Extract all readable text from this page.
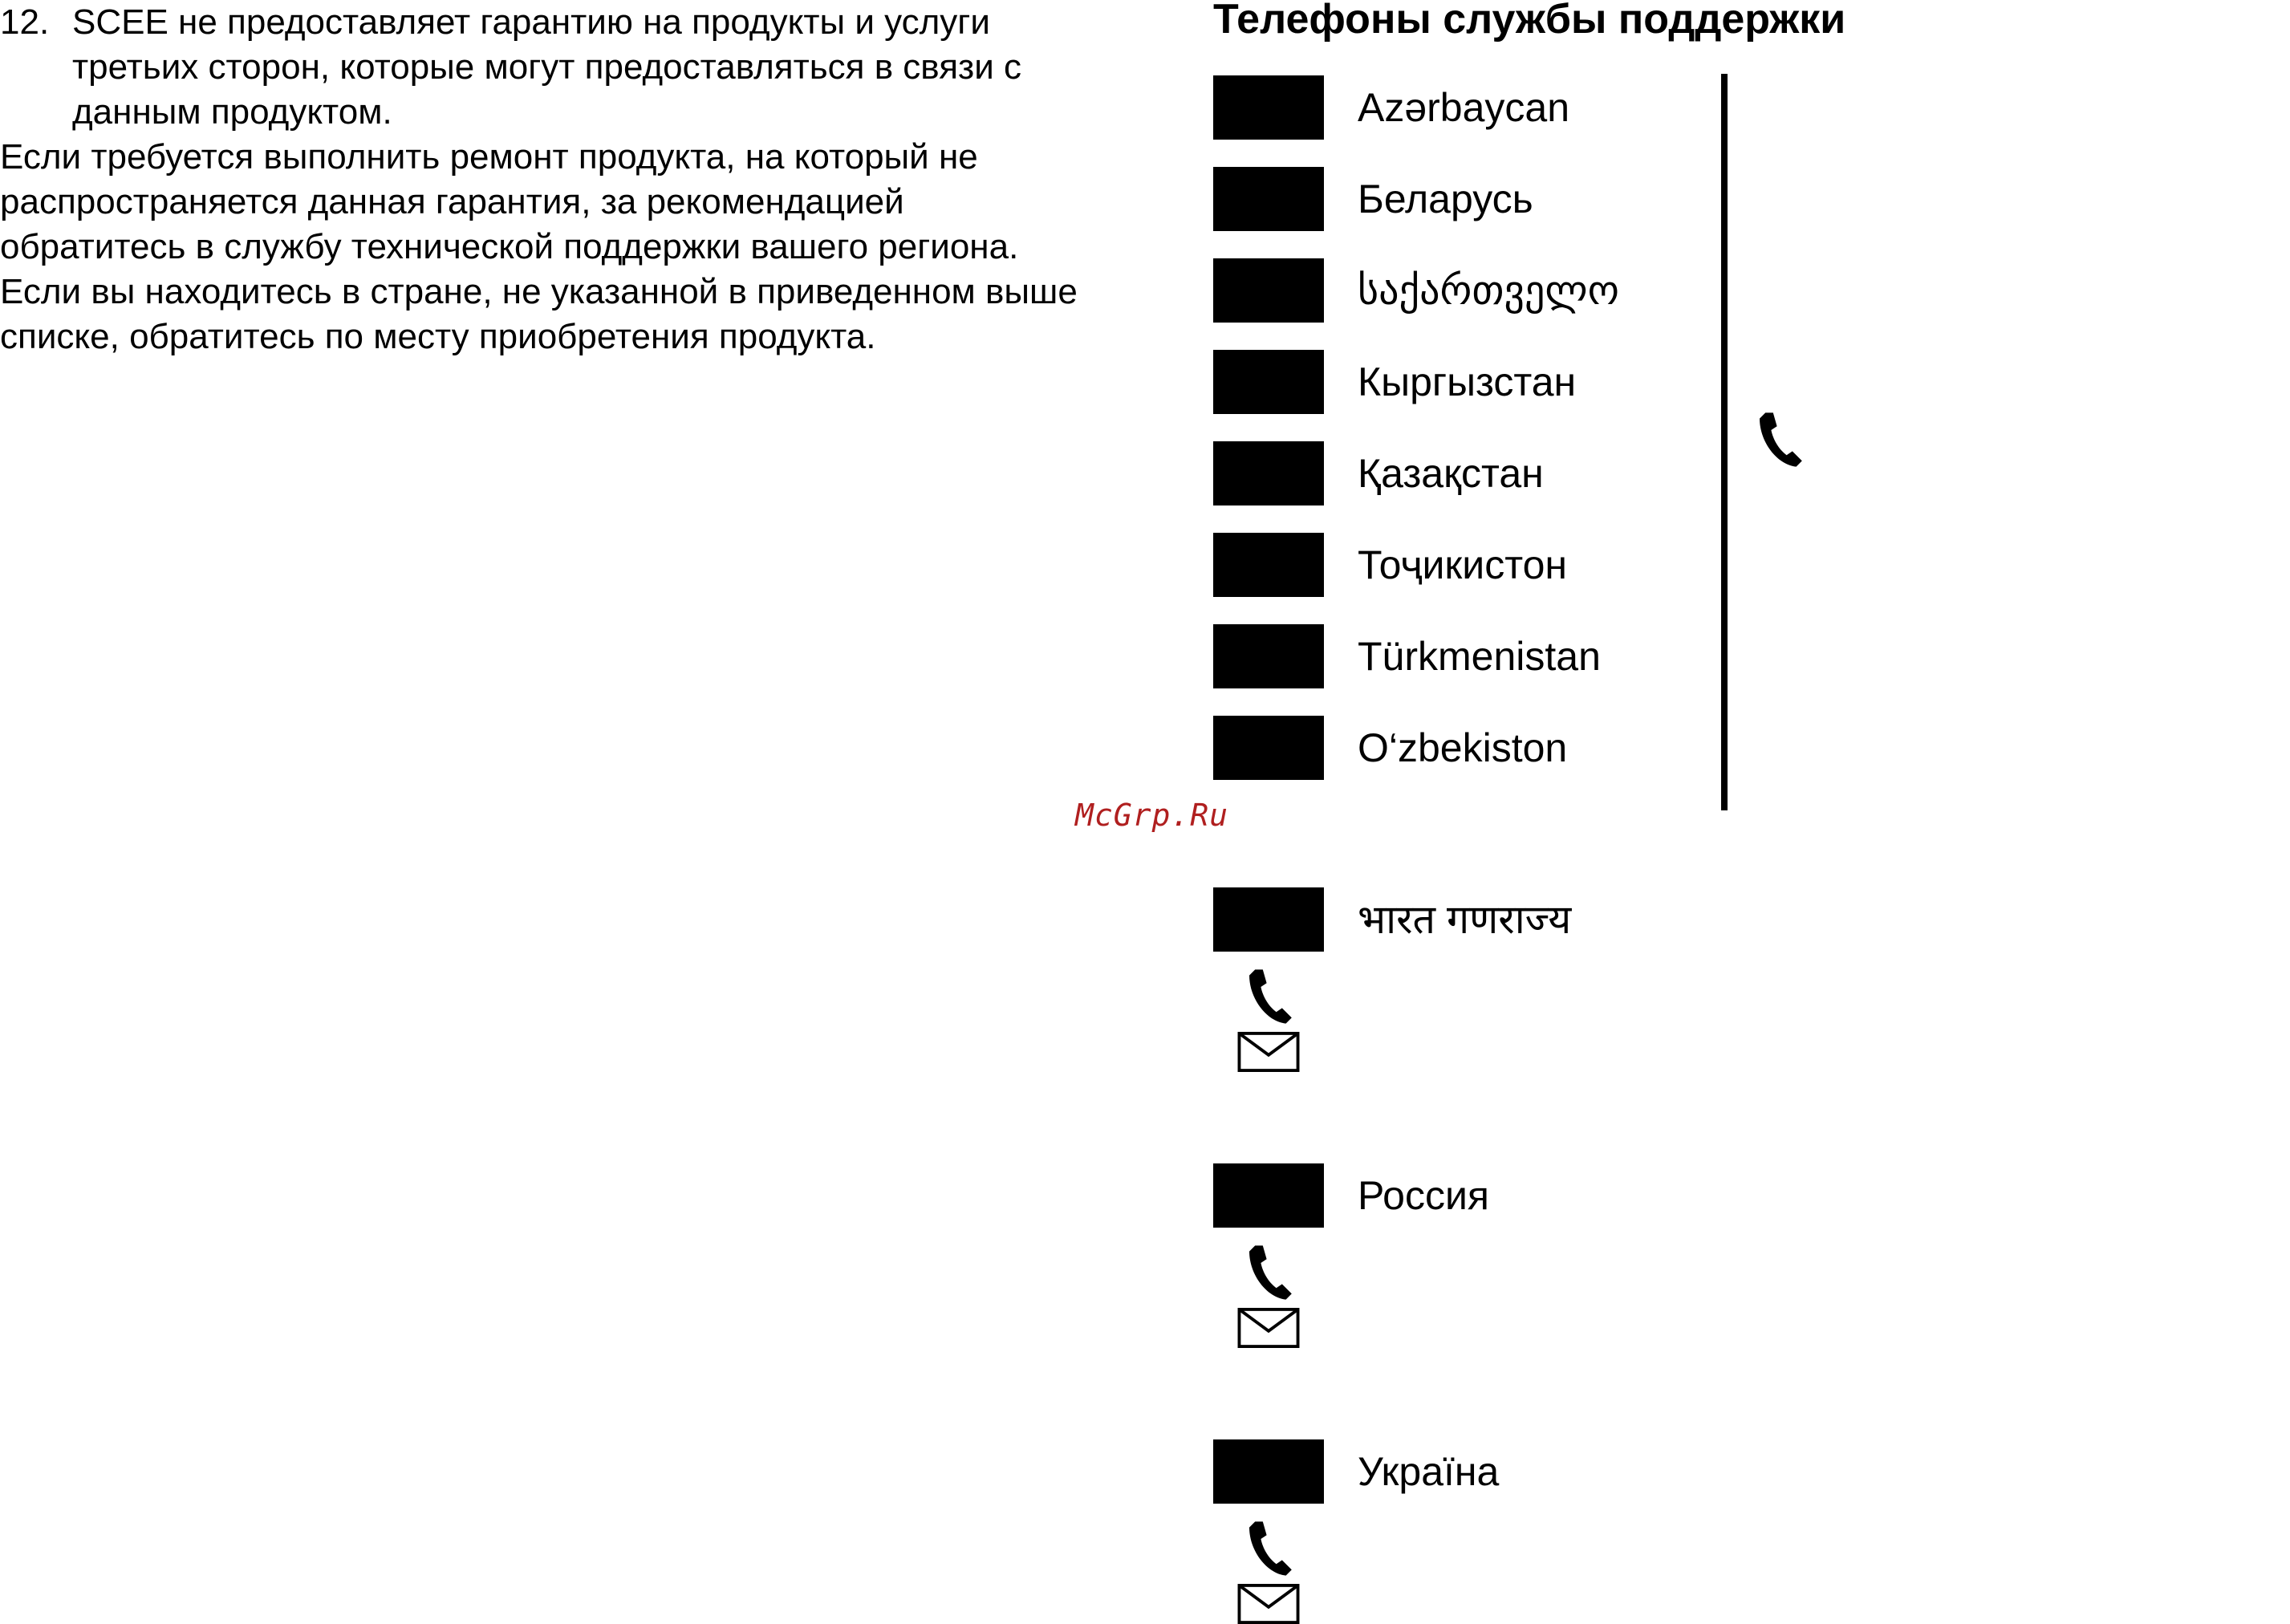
12. SCEE не предоставляет гарантию на продукты и услуги третьих сторон, которые могут предоставляться в связи с данным продуктом.

Если требуется выполнить ремонт продукта, на который не распространяется данная гарантия, за рекомендацией обратитесь в службу технической поддержки вашего региона. Если вы находитесь в стране, не указанной в приведенном выше списке, обратитесь по месту приобретения продукта.

Телефоны службы поддержки
Azərbaycan
Беларусь
საქართველო
Кыргызстан
Қазақстан
Тоҷикистон
Türkmenistan
O‘zbekiston
भारत गणराज्य
Россия
Україна
McGrp.Ru
